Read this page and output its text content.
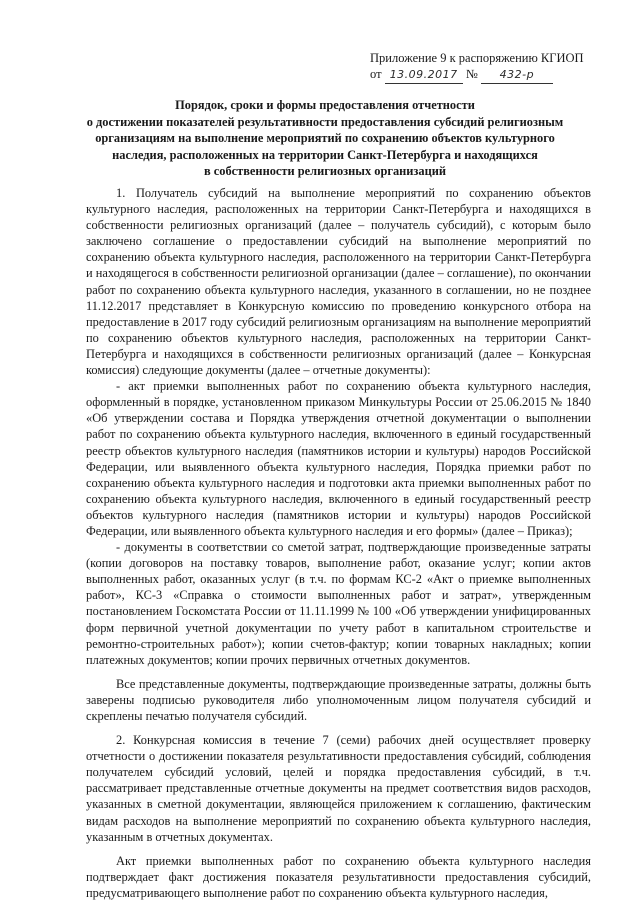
Приложение 9 к распоряжению КГИОП
от 13.09.2017 № 432-р
Порядок, сроки и формы предоставления отчетности
о достижении показателей результативности предоставления субсидий религиозным
организациям на выполнение мероприятий по сохранению объектов культурного
наследия, расположенных на территории Санкт-Петербурга и находящихся
в собственности религиозных организаций

1. Получатель субсидий на выполнение мероприятий по сохранению объектов культурного наследия, расположенных на территории Санкт-Петербурга и находящихся в собственности религиозных организаций (далее – получатель субсидий), с которым было заключено соглашение о предоставлении субсидий на выполнение мероприятий по сохранению объекта культурного наследия, расположенного на территории Санкт-Петербурга и находящегося в собственности религиозной организации (далее – соглашение), по окончании работ по сохранению объекта культурного наследия, указанного в соглашении, но не позднее 11.12.2017 представляет в Конкурсную комиссию по проведению конкурсного отбора на предоставление в 2017 году субсидий религиозным организациям на выполнение мероприятий по сохранению объектов культурного наследия, расположенных на территории Санкт-Петербурга и находящихся в собственности религиозных организаций (далее – Конкурсная комиссия) следующие документы (далее – отчетные документы):

- акт приемки выполненных работ по сохранению объекта культурного наследия, оформленный в порядке, установленном приказом Минкультуры России от 25.06.2015 № 1840 «Об утверждении состава и Порядка утверждения отчетной документации о выполнении работ по сохранению объекта культурного наследия, включенного в единый государственный реестр объектов культурного наследия (памятников истории и культуры) народов Российской Федерации, или выявленного объекта культурного наследия, Порядка приемки работ по сохранению объекта культурного наследия и подготовки акта приемки выполненных работ по сохранению объекта культурного наследия, включенного в единый государственный реестр объектов культурного наследия (памятников истории и культуры) народов Российской Федерации, или выявленного объекта культурного наследия и его формы» (далее – Приказ);

- документы в соответствии со сметой затрат, подтверждающие произведенные затраты (копии договоров на поставку товаров, выполнение работ, оказание услуг; копии актов выполненных работ, оказанных услуг (в т.ч. по формам КС-2 «Акт о приемке выполненных работ», КС-3 «Справка о стоимости выполненных работ и затрат», утвержденным постановлением Госкомстата России от 11.11.1999 № 100 «Об утверждении унифицированных форм первичной учетной документации по учету работ в капитальном строительстве и ремонтно-строительных работ»); копии счетов-фактур; копии товарных накладных; копии платежных документов; копии прочих первичных отчетных документов.

Все представленные документы, подтверждающие произведенные затраты, должны быть заверены подписью руководителя либо уполномоченным лицом получателя субсидий и скреплены печатью получателя субсидий.

2. Конкурсная комиссия в течение 7 (семи) рабочих дней осуществляет проверку отчетности о достижении показателя результативности предоставления субсидий, соблюдения получателем субсидий условий, целей и порядка предоставления субсидий, в т.ч. рассматривает представленные отчетные документы на предмет соответствия видов расходов, указанных в сметной документации, являющейся приложением к соглашению, фактическим видам расходов на выполнение мероприятий по сохранению объекта культурного наследия, указанным в отчетных документах.

Акт приемки выполненных работ по сохранению объекта культурного наследия подтверждает факт достижения показателя результативности предоставления субсидий, предусматривающего выполнение работ по сохранению объекта культурного наследия,
